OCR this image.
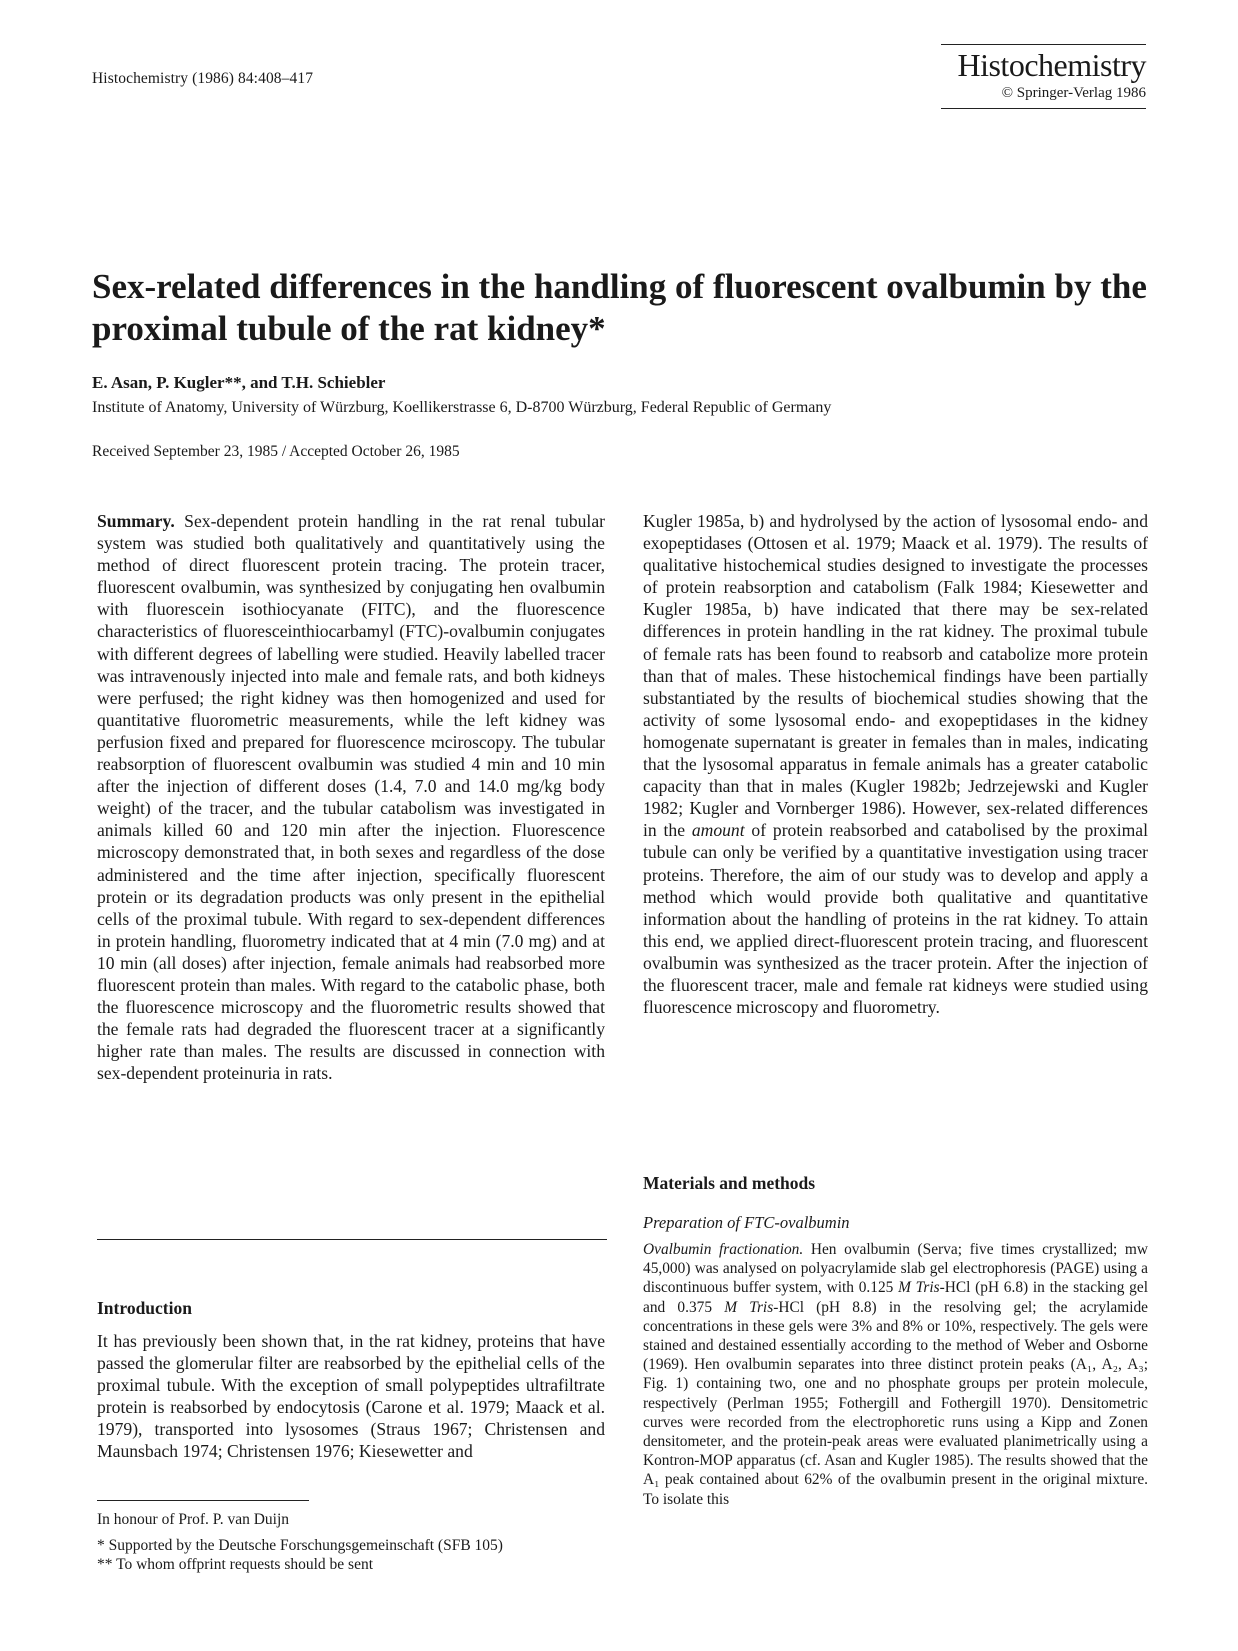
Histochemistry (1986) 84:408–417	Histochemistry
© Springer-Verlag 1986
Sex-related differences in the handling of fluorescent ovalbumin by the proximal tubule of the rat kidney*
E. Asan, P. Kugler**, and T.H. Schiebler
Institute of Anatomy, University of Würzburg, Koellikerstrasse 6, D-8700 Würzburg, Federal Republic of Germany
Received September 23, 1985 / Accepted October 26, 1985

Summary. Sex-dependent protein handling in the rat renal tubular system was studied both qualitatively and quantitatively using the method of direct fluorescent protein tracing. The protein tracer, fluorescent ovalbumin, was synthesized by conjugating hen ovalbumin with fluorescein isothiocyanate (FITC), and the fluorescence characteristics of fluoresceinthiocarbamyl (FTC)-ovalbumin conjugates with different degrees of labelling were studied. Heavily labelled tracer was intravenously injected into male and female rats, and both kidneys were perfused; the right kidney was then homogenized and used for quantitative fluorometric measurements, while the left kidney was perfusion fixed and prepared for fluorescence mciroscopy. The tubular reabsorption of fluorescent ovalbumin was studied 4 min and 10 min after the injection of different doses (1.4, 7.0 and 14.0 mg/kg body weight) of the tracer, and the tubular catabolism was investigated in animals killed 60 and 120 min after the injection. Fluorescence microscopy demonstrated that, in both sexes and regardless of the dose administered and the time after injection, specifically fluorescent protein or its degradation products was only present in the epithelial cells of the proximal tubule. With regard to sex-dependent differences in protein handling, fluorometry indicated that at 4 min (7.0 mg) and at 10 min (all doses) after injection, female animals had reabsorbed more fluorescent protein than males. With regard to the catabolic phase, both the fluorescence microscopy and the fluorometric results showed that the female rats had degraded the fluorescent tracer at a significantly higher rate than males. The results are discussed in connection with sex-dependent proteinuria in rats.

Introduction
It has previously been shown that, in the rat kidney, proteins that have passed the glomerular filter are reabsorbed by the epithelial cells of the proximal tubule. With the exception of small polypeptides ultrafiltrate protein is reabsorbed by endocytosis (Carone et al. 1979; Maack et al. 1979), transported into lysosomes (Straus 1967; Christensen and Maunsbach 1974; Christensen 1976; Kiesewetter and

In honour of Prof. P. van Duijn

* Supported by the Deutsche Forschungsgemeinschaft (SFB 105)

** To whom offprint requests should be sent

Kugler 1985a, b) and hydrolysed by the action of lysosomal endo- and exopeptidases (Ottosen et al. 1979; Maack et al. 1979). The results of qualitative histochemical studies designed to investigate the processes of protein reabsorption and catabolism (Falk 1984; Kiesewetter and Kugler 1985a, b) have indicated that there may be sex-related differences in protein handling in the rat kidney. The proximal tubule of female rats has been found to reabsorb and catabolize more protein than that of males. These histochemical findings have been partially substantiated by the results of biochemical studies showing that the activity of some lysosomal endo- and exopeptidases in the kidney homogenate supernatant is greater in females than in males, indicating that the lysosomal apparatus in female animals has a greater catabolic capacity than that in males (Kugler 1982b; Jedrzejewski and Kugler 1982; Kugler and Vornberger 1986). However, sex-related differences in the amount of protein reabsorbed and catabolised by the proximal tubule can only be verified by a quantitative investigation using tracer proteins. Therefore, the aim of our study was to develop and apply a method which would provide both qualitative and quantitative information about the handling of proteins in the rat kidney. To attain this end, we applied direct-fluorescent protein tracing, and fluorescent ovalbumin was synthesized as the tracer protein. After the injection of the fluorescent tracer, male and female rat kidneys were studied using fluorescence microscopy and fluorometry.

Materials and methods
Preparation of FTC-ovalbumin
Ovalbumin fractionation. Hen ovalbumin (Serva; five times crystallized; mw 45,000) was analysed on polyacrylamide slab gel electrophoresis (PAGE) using a discontinuous buffer system, with 0.125 M Tris-HCl (pH 6.8) in the stacking gel and 0.375 M Tris-HCl (pH 8.8) in the resolving gel; the acrylamide concentrations in these gels were 3% and 8% or 10%, respectively. The gels were stained and destained essentially according to the method of Weber and Osborne (1969). Hen ovalbumin separates into three distinct protein peaks (A₁, A₂, A₃; Fig. 1) containing two, one and no phosphate groups per protein molecule, respectively (Perlman 1955; Fothergill and Fothergill 1970). Densitometric curves were recorded from the electrophoretic runs using a Kipp and Zonen densitometer, and the protein-peak areas were evaluated planimetrically using a Kontron-MOP apparatus (cf. Asan and Kugler 1985). The results showed that the A₁ peak contained about 62% of the ovalbumin present in the original mixture. To isolate this
